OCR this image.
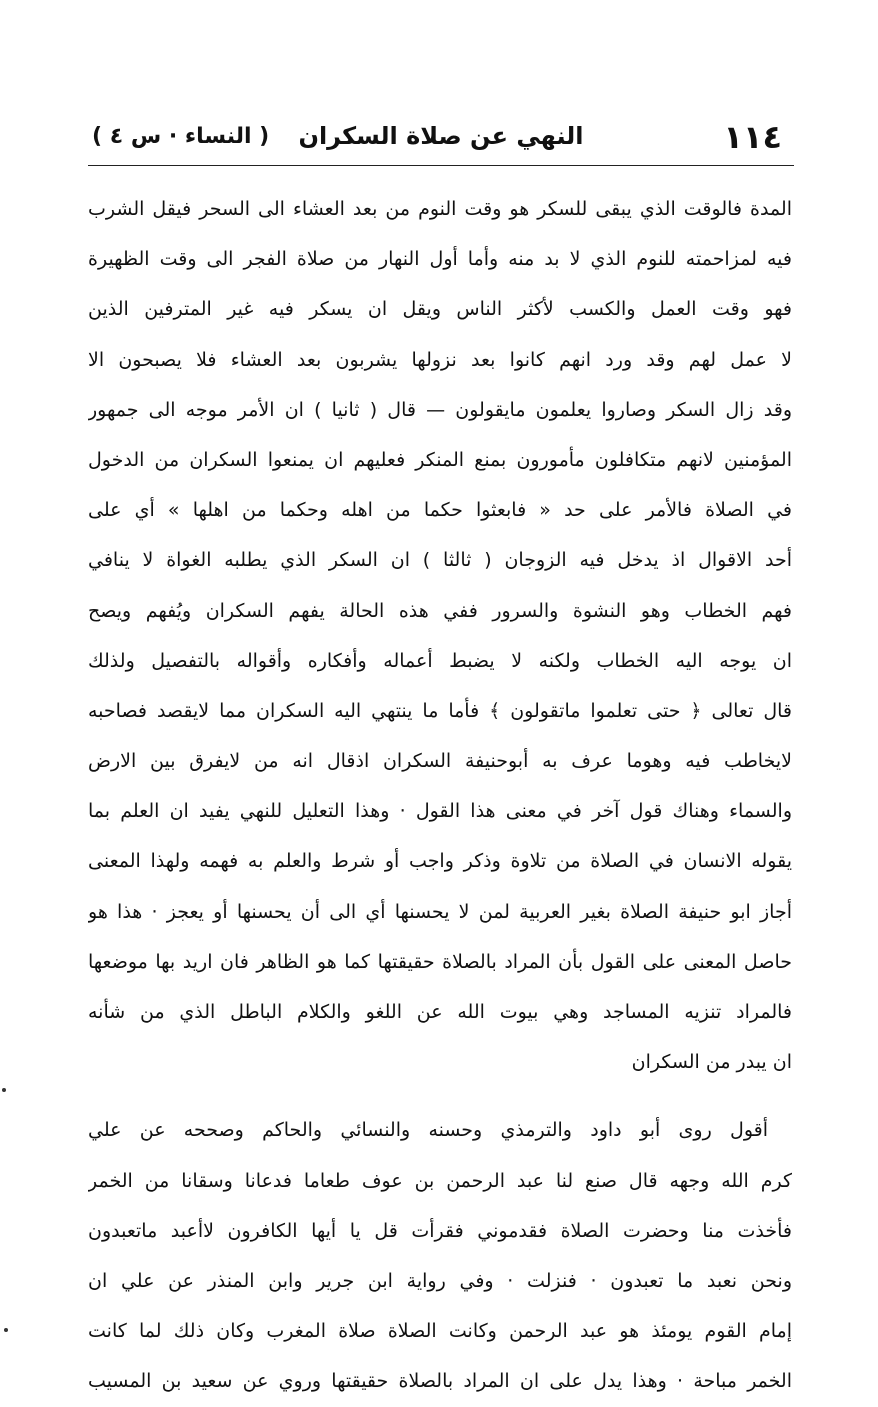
١١٤
النهي عن صلاة السكران
( النساء · س ٤ )
المدة فالوقت الذي يبقى للسكر هو وقت النوم من بعد العشاء الى السحر فيقل الشرب
فيه لمزاحمته للنوم الذي لا بد منه وأما أول النهار من صلاة الفجر الى وقت الظهيرة
فهو وقت العمل والكسب لأكثر الناس ويقل ان يسكر فيه غير المترفين الذين
لا عمل لهم وقد ورد انهم كانوا بعد نزولها يشربون بعد العشاء فلا يصبحون الا
وقد زال السكر وصاروا يعلمون مايقولون — قال ( ثانيا ) ان الأمر موجه الى جمهور
المؤمنين لانهم متكافلون مأمورون بمنع المنكر فعليهم ان يمنعوا السكران من الدخول
في الصلاة فالأمر على حد « فابعثوا حكما من اهله وحكما من اهلها » أي على
أحد الاقوال اذ يدخل فيه الزوجان ( ثالثا ) ان السكر الذي يطلبه الغواة لا ينافي
فهم الخطاب وهو النشوة والسرور ففي هذه الحالة يفهم السكران ويُفهم ويصح
ان يوجه اليه الخطاب ولكنه لا يضبط أعماله وأفكاره وأقواله بالتفصيل ولذلك
قال تعالى ﴿ حتى تعلموا ماتقولون ﴾ فأما ما ينتهي اليه السكران مما لايقصد فصاحبه
لايخاطب فيه وهوما عرف به أبوحنيفة السكران اذقال انه من لايفرق بين الارض
والسماء وهناك قول آخر في معنى هذا القول · وهذا التعليل للنهي يفيد ان العلم بما
يقوله الانسان في الصلاة من تلاوة وذكر واجب أو شرط والعلم به فهمه ولهذا المعنى
أجاز ابو حنيفة الصلاة بغير العربية لمن لا يحسنها أي الى أن يحسنها أو يعجز · هذا هو
حاصل المعنى على القول بأن المراد بالصلاة حقيقتها كما هو الظاهر فان اريد بها موضعها
فالمراد تنزيه المساجد وهي بيوت الله عن اللغو والكلام الباطل الذي من شأنه
ان يبدر من السكران
أقول روى أبو داود والترمذي وحسنه والنسائي والحاكم وصححه عن علي
كرم الله وجهه قال صنع لنا عبد الرحمن بن عوف طعاما فدعانا وسقانا من الخمر
فأخذت منا وحضرت الصلاة فقدموني فقرأت قل يا أيها الكافرون لاأعبد ماتعبدون
ونحن نعبد ما تعبدون · فنزلت · وفي رواية ابن جرير وابن المنذر عن علي ان
إمام القوم يومئذ هو عبد الرحمن وكانت الصلاة صلاة المغرب وكان ذلك لما كانت
الخمر مباحة · وهذا يدل على ان المراد بالصلاة حقيقتها وروي عن سعيد بن المسيب
